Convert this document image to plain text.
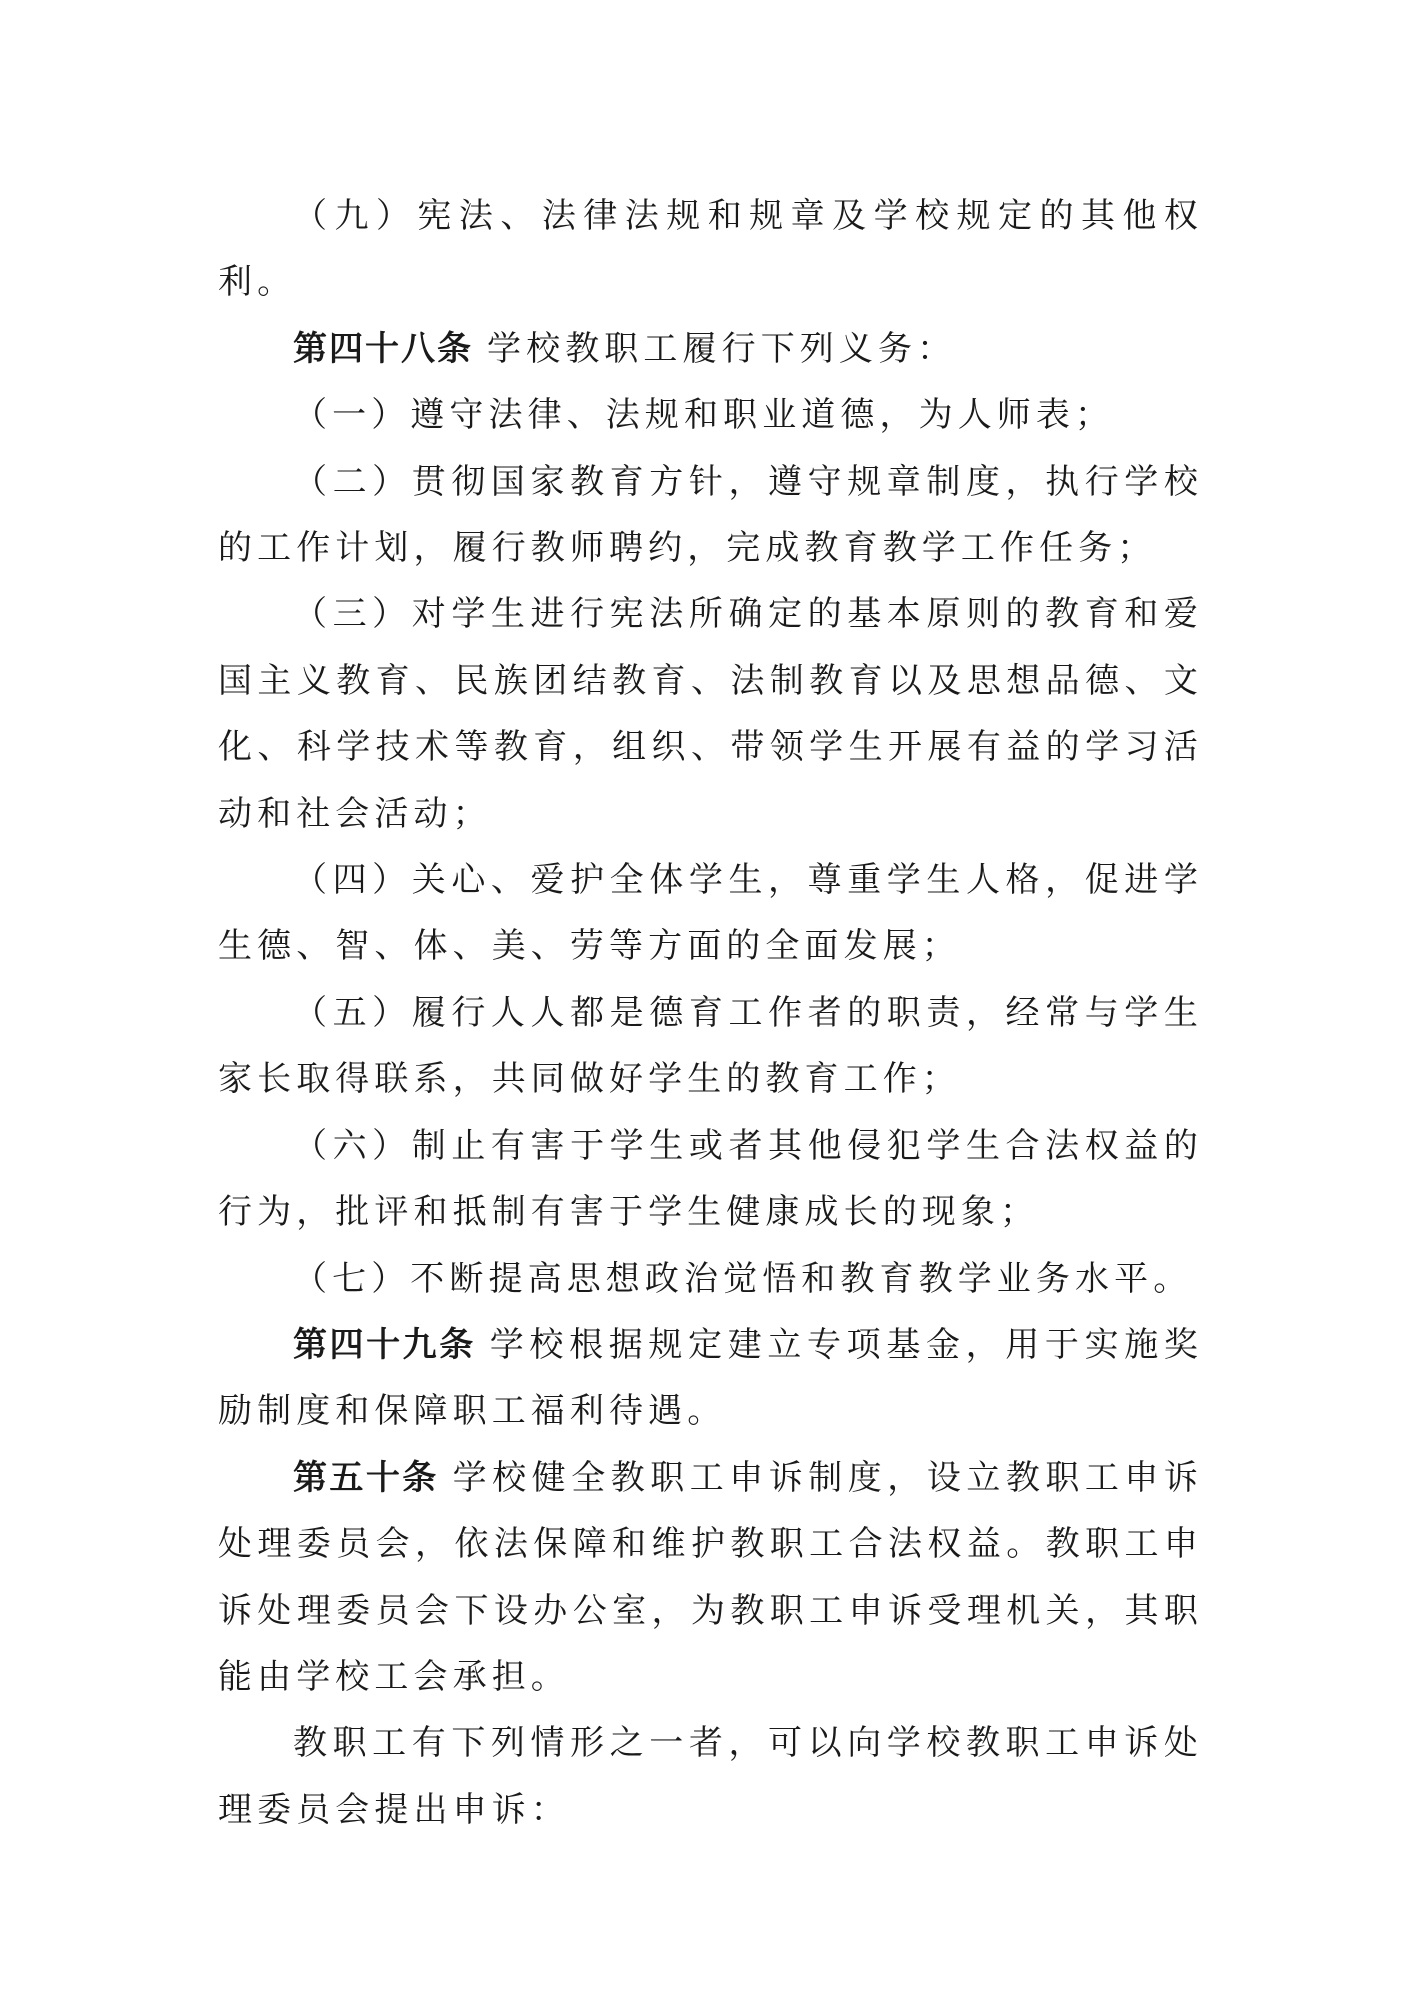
（九）宪法、法律法规和规章及学校规定的其他权利。

第四十八条 学校教职工履行下列义务：

（一）遵守法律、法规和职业道德，为人师表；

（二）贯彻国家教育方针，遵守规章制度，执行学校的工作计划，履行教师聘约，完成教育教学工作任务；

（三）对学生进行宪法所确定的基本原则的教育和爱国主义教育、民族团结教育、法制教育以及思想品德、文化、科学技术等教育，组织、带领学生开展有益的学习活动和社会活动；

（四）关心、爱护全体学生，尊重学生人格，促进学生德、智、体、美、劳等方面的全面发展；

（五）履行人人都是德育工作者的职责，经常与学生家长取得联系，共同做好学生的教育工作；

（六）制止有害于学生或者其他侵犯学生合法权益的行为，批评和抵制有害于学生健康成长的现象；

（七）不断提高思想政治觉悟和教育教学业务水平。

第四十九条 学校根据规定建立专项基金，用于实施奖励制度和保障职工福利待遇。

第五十条 学校健全教职工申诉制度，设立教职工申诉处理委员会，依法保障和维护教职工合法权益。教职工申诉处理委员会下设办公室，为教职工申诉受理机关，其职能由学校工会承担。

教职工有下列情形之一者，可以向学校教职工申诉处理委员会提出申诉：
